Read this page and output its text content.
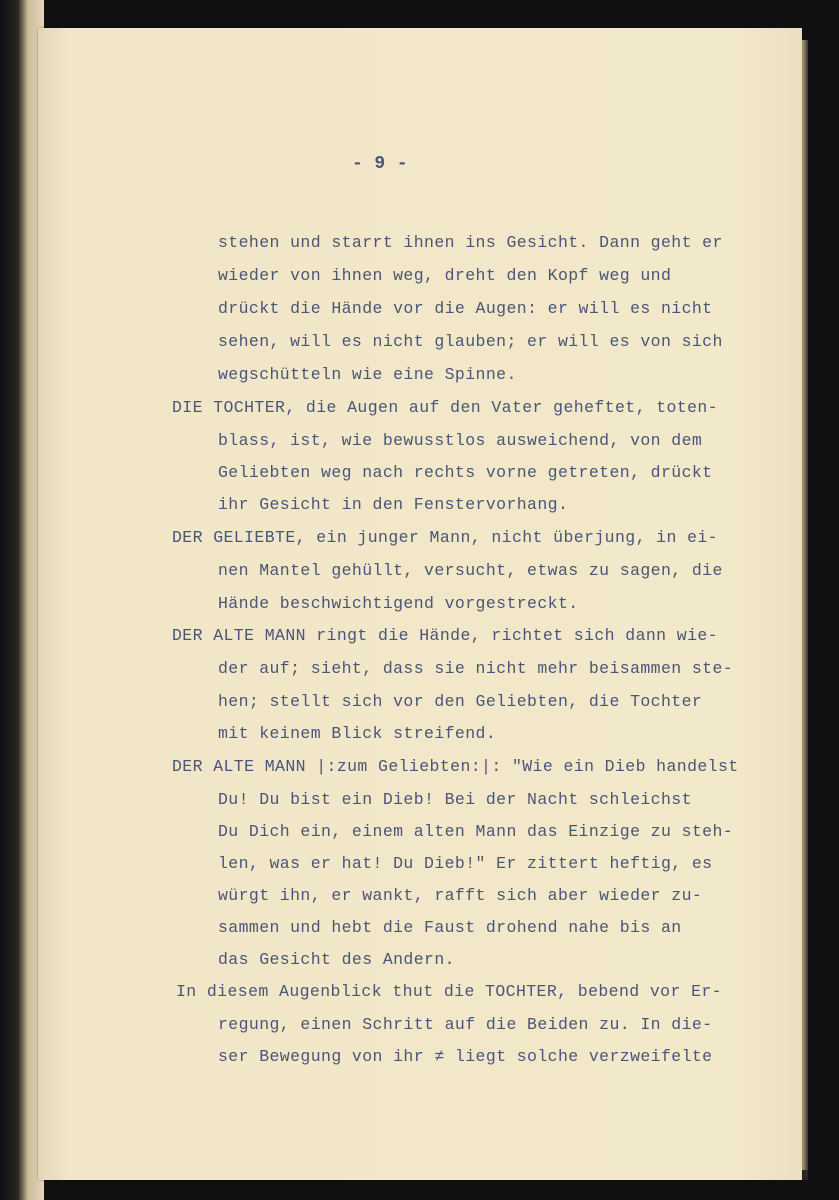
- 9 -
stehen und starrt ihnen ins Gesicht. Dann geht er
wieder von ihnen weg, dreht den Kopf weg und
drückt die Hände vor die Augen: er will es nicht
sehen, will es nicht glauben; er will es von sich
wegschütteln wie eine Spinne.
DIE TOCHTER, die Augen auf den Vater geheftet, toten-
blass, ist, wie bewusstlos ausweichend, von dem
Geliebten weg nach rechts vorne getreten, drückt
ihr Gesicht in den Fenstervorhang.
DER GELIEBTE, ein junger Mann, nicht überjung, in ei-
nen Mantel gehüllt, versucht, etwas zu sagen, die
Hände beschwichtigend vorgestreckt.
DER ALTE MANN ringt die Hände, richtet sich dann wie-
der auf; sieht, dass sie nicht mehr beisammen ste-
hen; stellt sich vor den Geliebten, die Tochter
mit keinem Blick streifend.
DER ALTE MANN |:zum Geliebten:|: "Wie ein Dieb handelst
Du! Du bist ein Dieb! Bei der Nacht schleichst
Du Dich ein, einem alten Mann das Einzige zu steh-
len, was er hat! Du Dieb!" Er zittert heftig, es
würgt ihn, er wankt, rafft sich aber wieder zu-
sammen und hebt die Faust drohend nahe bis an
das Gesicht des Andern.
In diesem Augenblick thut die TOCHTER, bebend vor Er-
regung, einen Schritt auf die Beiden zu. In die-
ser Bewegung von ihr ≠ liegt solche verzweifelte
